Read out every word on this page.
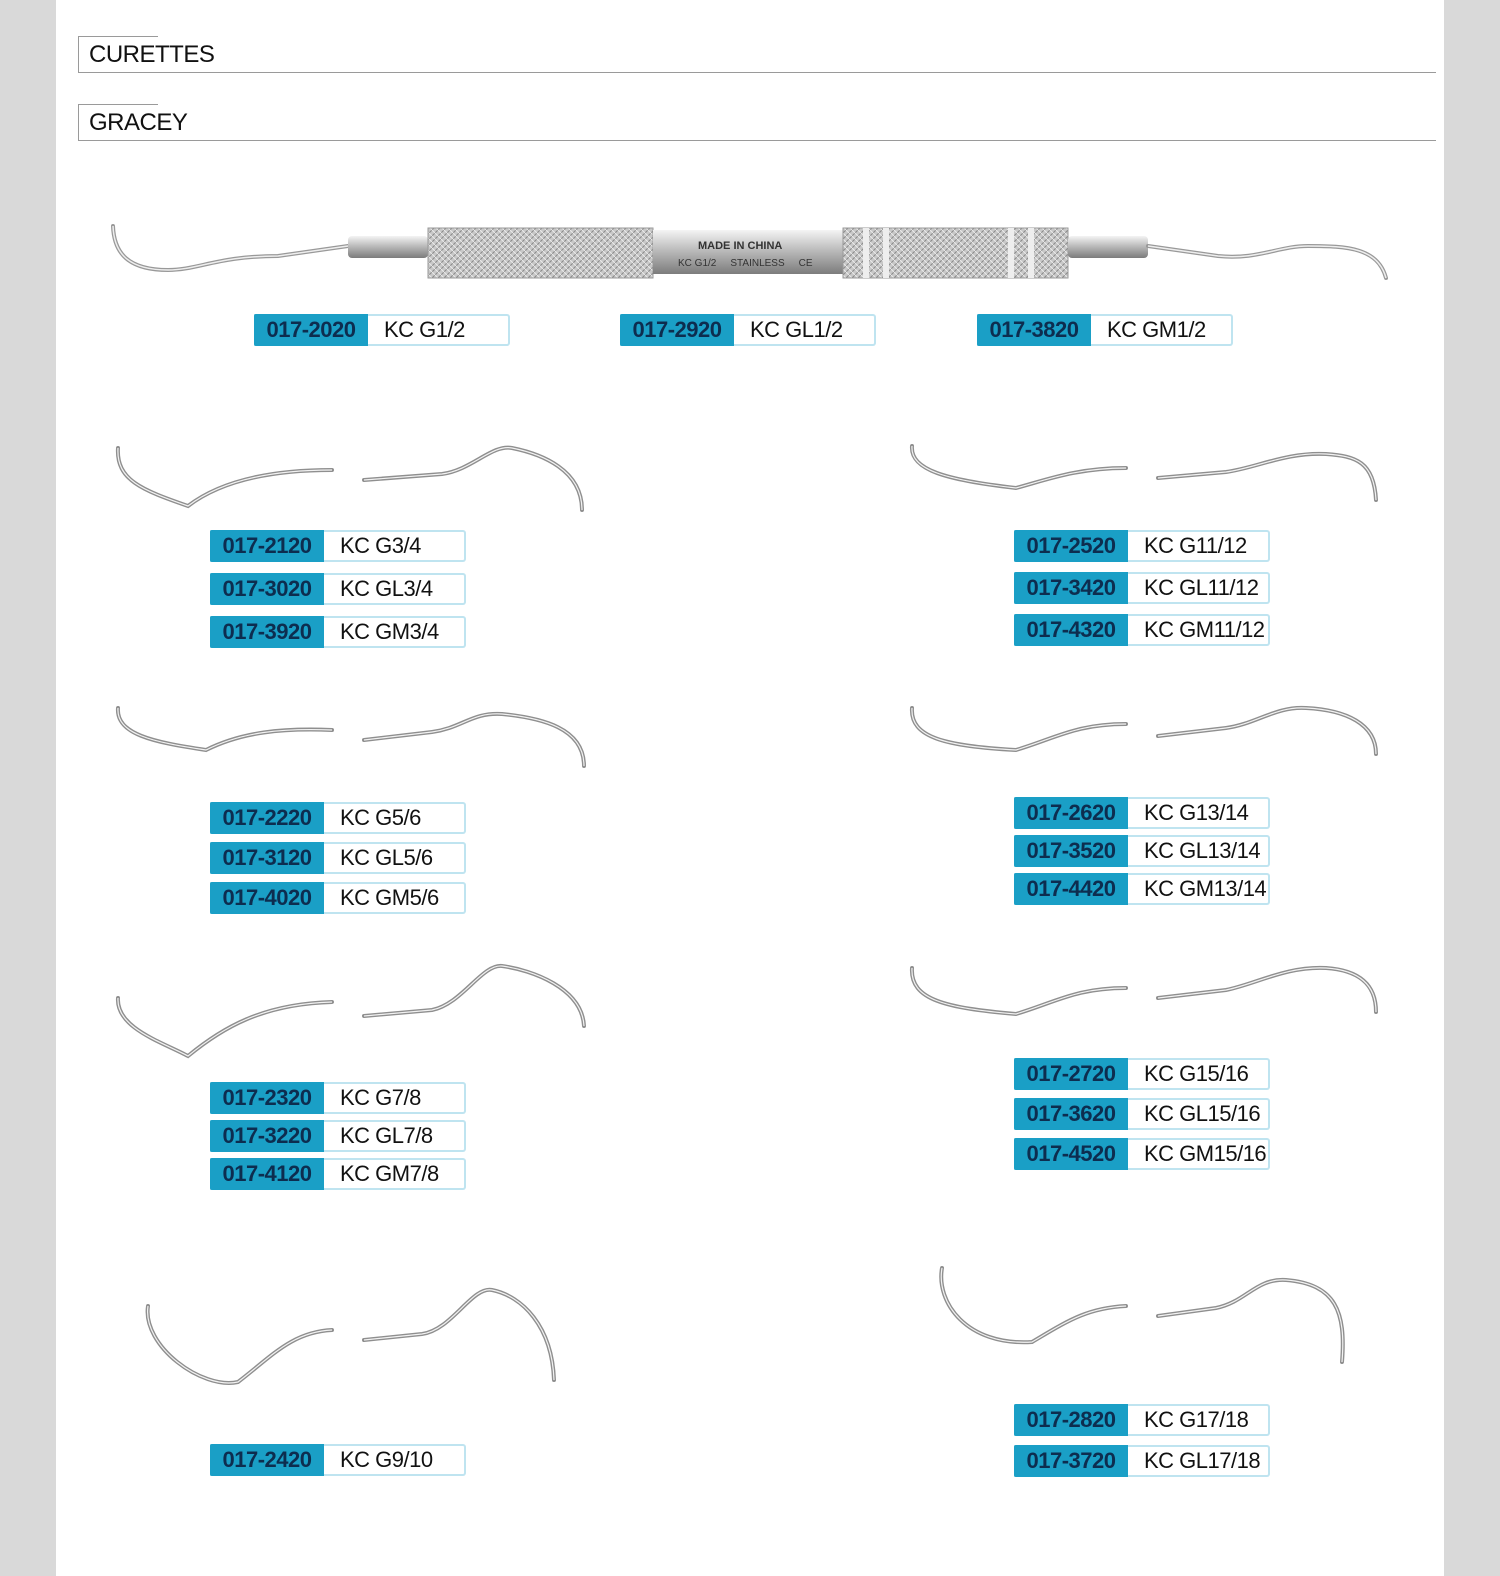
CURETTES
GRACEY
MADE IN CHINA
KC G1/2 STAINLESS CE
017-2020	KC G1/2	017-2920	KC GL1/2	017-3820	KC GM1/2
017-2120	KC G3/4
017-3020	KC GL3/4
017-3920	KC GM3/4
017-2220	KC G5/6
017-3120	KC GL5/6
017-4020	KC GM5/6
017-2320	KC G7/8
017-3220	KC GL7/8
017-4120	KC GM7/8
017-2420	KC G9/10
017-2520	KC G11/12
017-3420	KC GL11/12
017-4320	KC GM11/12
017-2620	KC G13/14
017-3520	KC GL13/14
017-4420	KC GM13/14
017-2720	KC G15/16
017-3620	KC GL15/16
017-4520	KC GM15/16
017-2820	KC G17/18
017-3720	KC GL17/18
